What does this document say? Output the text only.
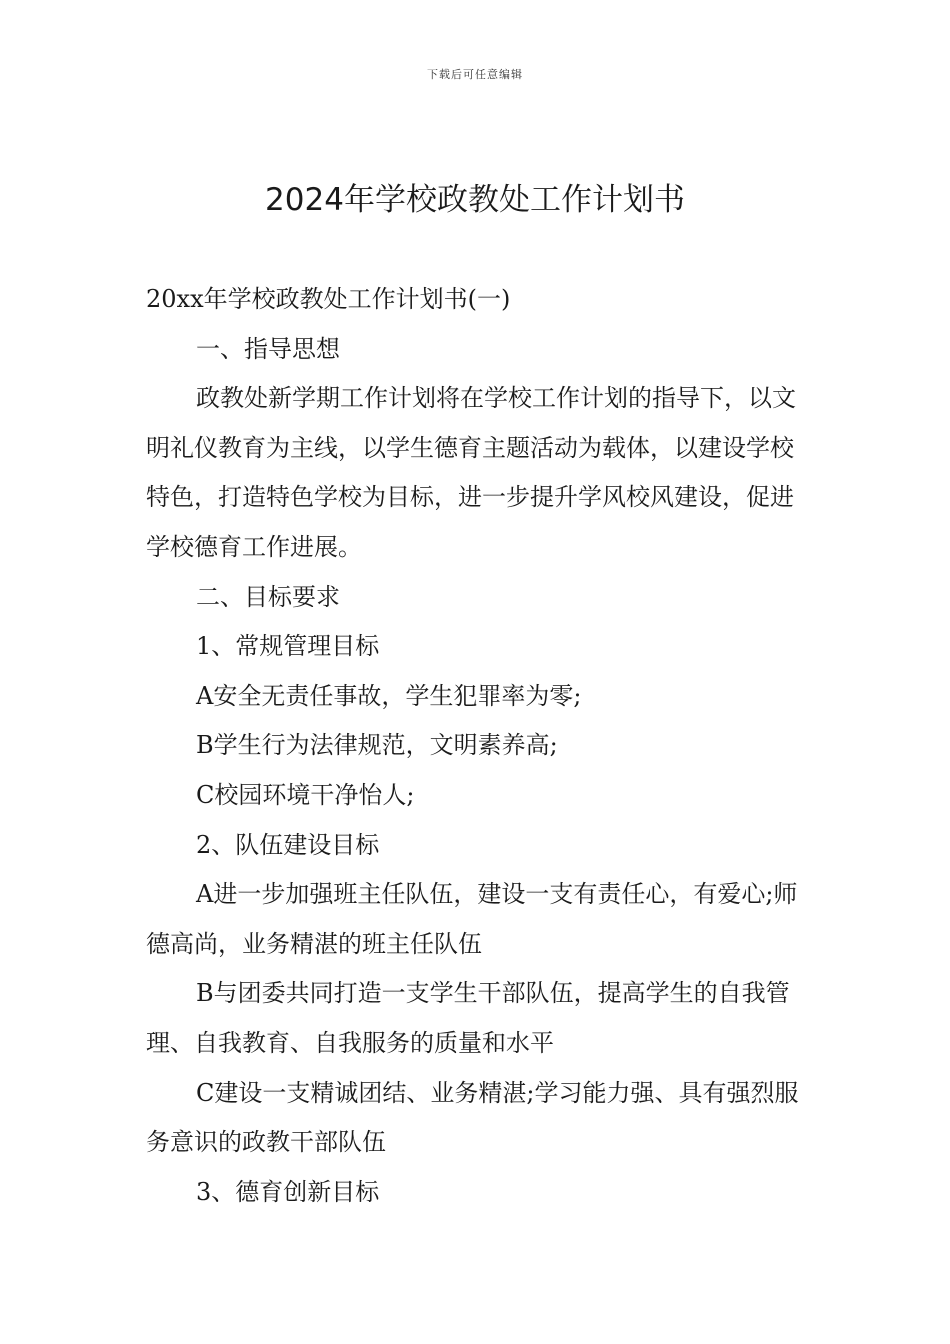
下载后可任意编辑
2024年学校政教处工作计划书

20xx年学校政教处工作计划书(一)

一、指导思想

政教处新学期工作计划将在学校工作计划的指导下，以文明礼仪教育为主线，以学生德育主题活动为载体，以建设学校特色，打造特色学校为目标，进一步提升学风校风建设，促进学校德育工作进展。

二、目标要求

1、常规管理目标

A安全无责任事故，学生犯罪率为零;

B学生行为法律规范，文明素养高;

C校园环境干净怡人;

2、队伍建设目标

A进一步加强班主任队伍，建设一支有责任心，有爱心;师德高尚，业务精湛的班主任队伍

B与团委共同打造一支学生干部队伍，提高学生的自我管理、自我教育、自我服务的质量和水平

C建设一支精诚团结、业务精湛;学习能力强、具有强烈服务意识的政教干部队伍

3、德育创新目标
